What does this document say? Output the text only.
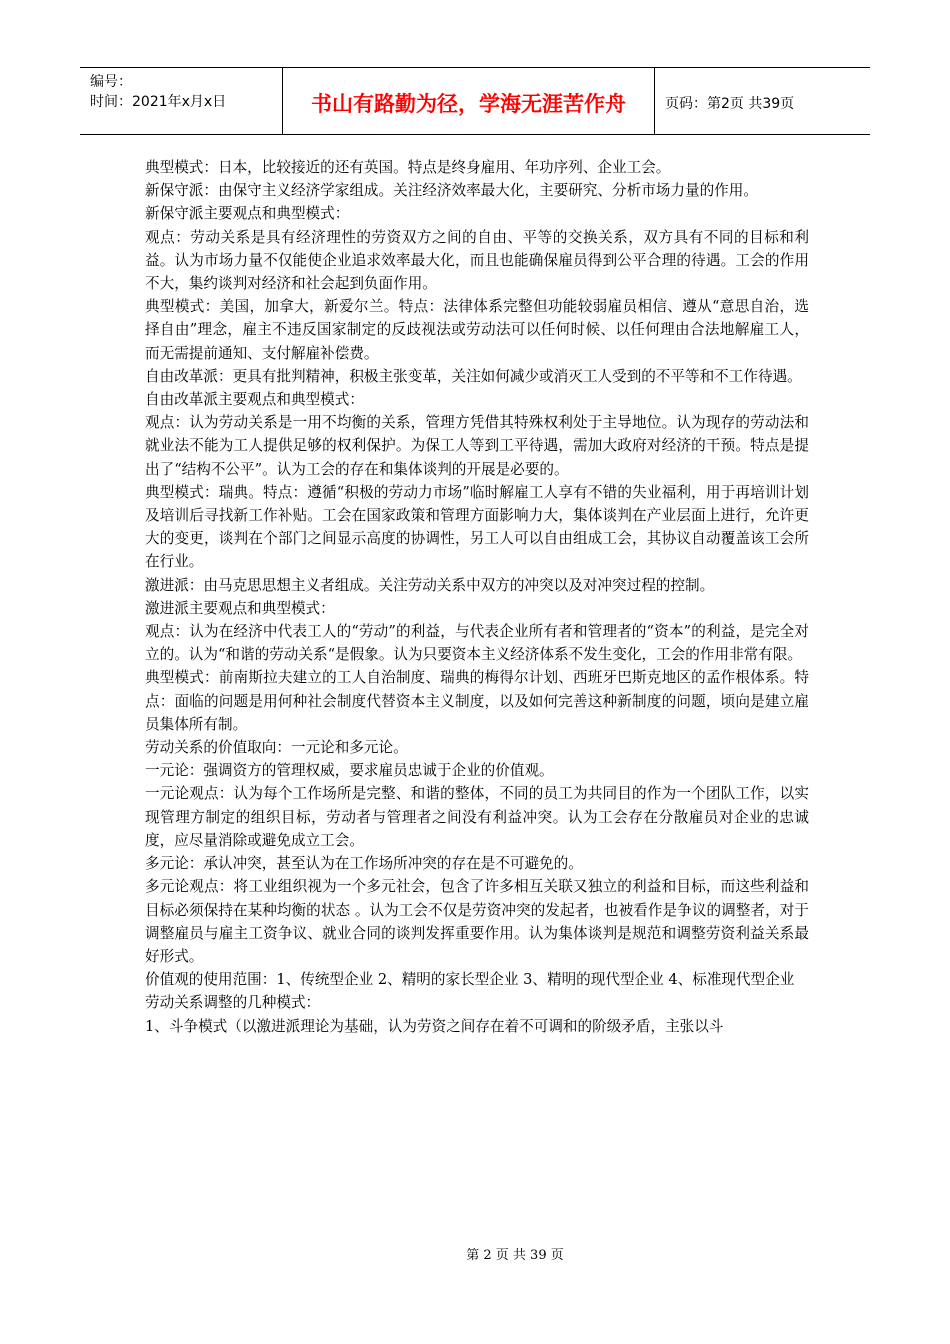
编号：
时间：2021年x月x日	书山有路勤为径，学海无涯苦作舟	页码：第2页 共39页

典型模式：日本，比较接近的还有英国。特点是终身雇用、年功序列、企业工会。

新保守派：由保守主义经济学家组成。关注经济效率最大化，主要研究、分析市场力量的作用。

新保守派主要观点和典型模式：

观点：劳动关系是具有经济理性的劳资双方之间的自由、平等的交换关系，双方具有不同的目标和利益。认为市场力量不仅能使企业追求效率最大化，而且也能确保雇员得到公平合理的待遇。工会的作用不大，集约谈判对经济和社会起到负面作用。

典型模式：美国，加拿大，新爱尔兰。特点：法律体系完整但功能较弱雇员相信、遵从“意思自治，选择自由”理念，雇主不违反国家制定的反歧视法或劳动法可以任何时候、以任何理由合法地解雇工人，而无需提前通知、支付解雇补偿费。

自由改革派：更具有批判精神，积极主张变革，关注如何减少或消灭工人受到的不平等和不工作待遇。

自由改革派主要观点和典型模式：

观点：认为劳动关系是一用不均衡的关系，管理方凭借其特殊权利处于主导地位。认为现存的劳动法和就业法不能为工人提供足够的权利保护。为保工人等到工平待遇，需加大政府对经济的干预。特点是提出了“结构不公平”。认为工会的存在和集体谈判的开展是必要的。

典型模式：瑞典。特点：遵循“积极的劳动力市场”临时解雇工人享有不错的失业福利，用于再培训计划及培训后寻找新工作补贴。工会在国家政策和管理方面影响力大，集体谈判在产业层面上进行，允许更大的变更，谈判在个部门之间显示高度的协调性，另工人可以自由组成工会，其协议自动覆盖该工会所在行业。

激进派：由马克思思想主义者组成。关注劳动关系中双方的冲突以及对冲突过程的控制。

激进派主要观点和典型模式：

观点：认为在经济中代表工人的“劳动”的利益，与代表企业所有者和管理者的“资本”的利益，是完全对立的。认为“和谐的劳动关系“是假象。认为只要资本主义经济体系不发生变化，工会的作用非常有限。

典型模式：前南斯拉夫建立的工人自治制度、瑞典的梅得尔计划、西班牙巴斯克地区的孟作根体系。特点：面临的问题是用何种社会制度代替资本主义制度，以及如何完善这种新制度的问题，顷向是建立雇员集体所有制。

劳动关系的价值取向：一元论和多元论。

一元论：强调资方的管理权威，要求雇员忠诚于企业的价值观。

一元论观点：认为每个工作场所是完整、和谐的整体，不同的员工为共同目的作为一个团队工作，以实现管理方制定的组织目标，劳动者与管理者之间没有利益冲突。认为工会存在分散雇员对企业的忠诚度，应尽量消除或避免成立工会。

多元论：承认冲突，甚至认为在工作场所冲突的存在是不可避免的。

多元论观点：将工业组织视为一个多元社会，包含了许多相互关联又独立的利益和目标，而这些利益和目标必须保持在某种均衡的状态 。认为工会不仅是劳资冲突的发起者，也被看作是争议的调整者，对于调整雇员与雇主工资争议、就业合同的谈判发挥重要作用。认为集体谈判是规范和调整劳资利益关系最好形式。

价值观的使用范围：1、传统型企业 2、精明的家长型企业 3、精明的现代型企业 4、标准现代型企业

劳动关系调整的几种模式：

1、斗争模式（以激进派理论为基础，认为劳资之间存在着不可调和的阶级矛盾，主张以斗

第 2 页 共 39 页
